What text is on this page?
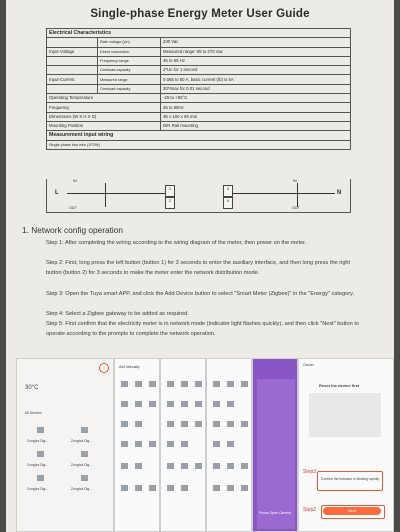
Single-phase Energy Meter User Guide
Electrical Characteristics		
	Rate voltage (Un)	230 Vac
Input-Voltage	Direct connection	Measured range: 85 to 270 Vac
	Frequency range	45 to 65 Hz
	Overload capacity	2*Un for 1 second
Input-Current	Measured range	0.065 to 80 A, basic current (Ib) is 5A
	Overload capacity	30*Imax for 0.01 second
Operating Temperature		-25 to +55°C
Frequency		45 to 65Hz
Dimensions (W X H X D)		36 x 100 x 65 mm
Mounting Position		DIN Rail mounting
Measurement input wiring		
Single phase two wire (1P2W)		
IN	IN
L	N
OUT	OUT
1
2
3
4
1. Network config operation
Step 1: After completing the wiring according to the wiring diagram of the meter, then power on the meter.
Step 2: First, long press the left button (button 1) for 3 seconds to enter the auxiliary interface, and then long press the right button (button 2) for 3 seconds to make the meter enter the network distribution mode.
Step 3: Open the Tuya smart APP, and click the Add Device button to select "Smart Meter (Zigbee)" in the "Energy" category.
Step 4: Select a Zigbee gateway to be added as required.
Step 5: First confirm that the electricity meter is in network mode (indicator light flashes quickly), and then click "Next" button to operate according to the prompts to complete the network operation.
30°C
All Devices
Zonghui Dig...	Zonghui Dig...
Zonghui Dig...	Zonghui Dig...
Zonghui Dig...	Zonghui Dig...
Add Manually
Phone Open Camera
Cancel
Reset the device first
Step3
Confirm the indicator is blinking rapidly
Step2	Next
